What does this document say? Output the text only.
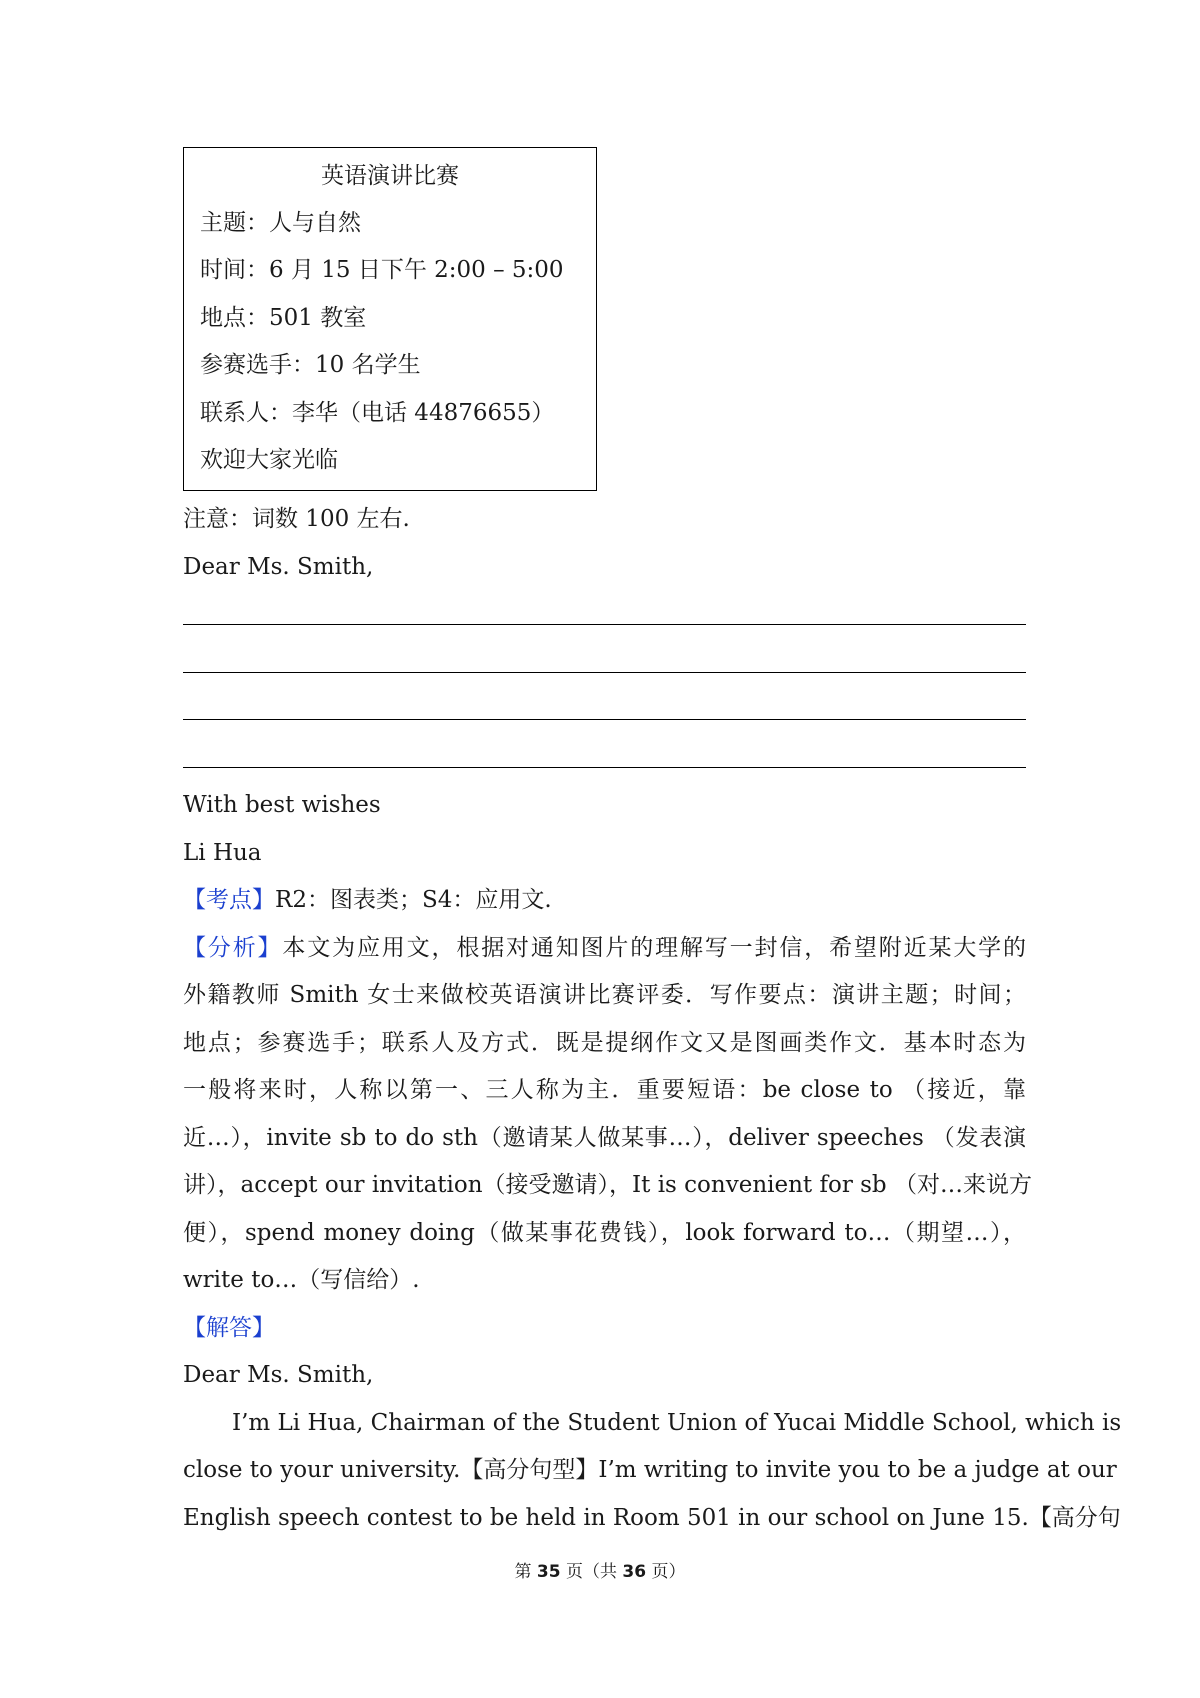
英语演讲比赛
主题：人与自然
时间：6 月 15 日下午 2:00 – 5:00
地点：501 教室
参赛选手：10 名学生
联系人：李华（电话 44876655）
欢迎大家光临
注意：词数 100 左右.
Dear Ms. Smith,
With best wishes
Li Hua
【考点】R2：图表类；S4：应用文.
【分析】本文为应用文，根据对通知图片的理解写一封信，希望附近某大学的
外籍教师 Smith 女士来做校英语演讲比赛评委．写作要点：演讲主题；时间；
地点；参赛选手；联系人及方式．既是提纲作文又是图画类作文．基本时态为
一般将来时，人称以第一、三人称为主．重要短语：be close to （接近，靠
近…），invite sb to do sth（邀请某人做某事…），deliver speeches （发表演
讲），accept our invitation（接受邀请），It is convenient for sb （对…来说方
便），spend money doing（做某事花费钱），look forward to…（期望…），
write to…（写信给）.
【解答】
Dear Ms. Smith,
I’m Li Hua, Chairman of the Student Union of Yucai Middle School, which is
close to your university.【高分句型】I’m writing to invite you to be a judge at our
English speech contest to be held in Room 501 in our school on June 15.【高分句
第 35 页（共 36 页）
